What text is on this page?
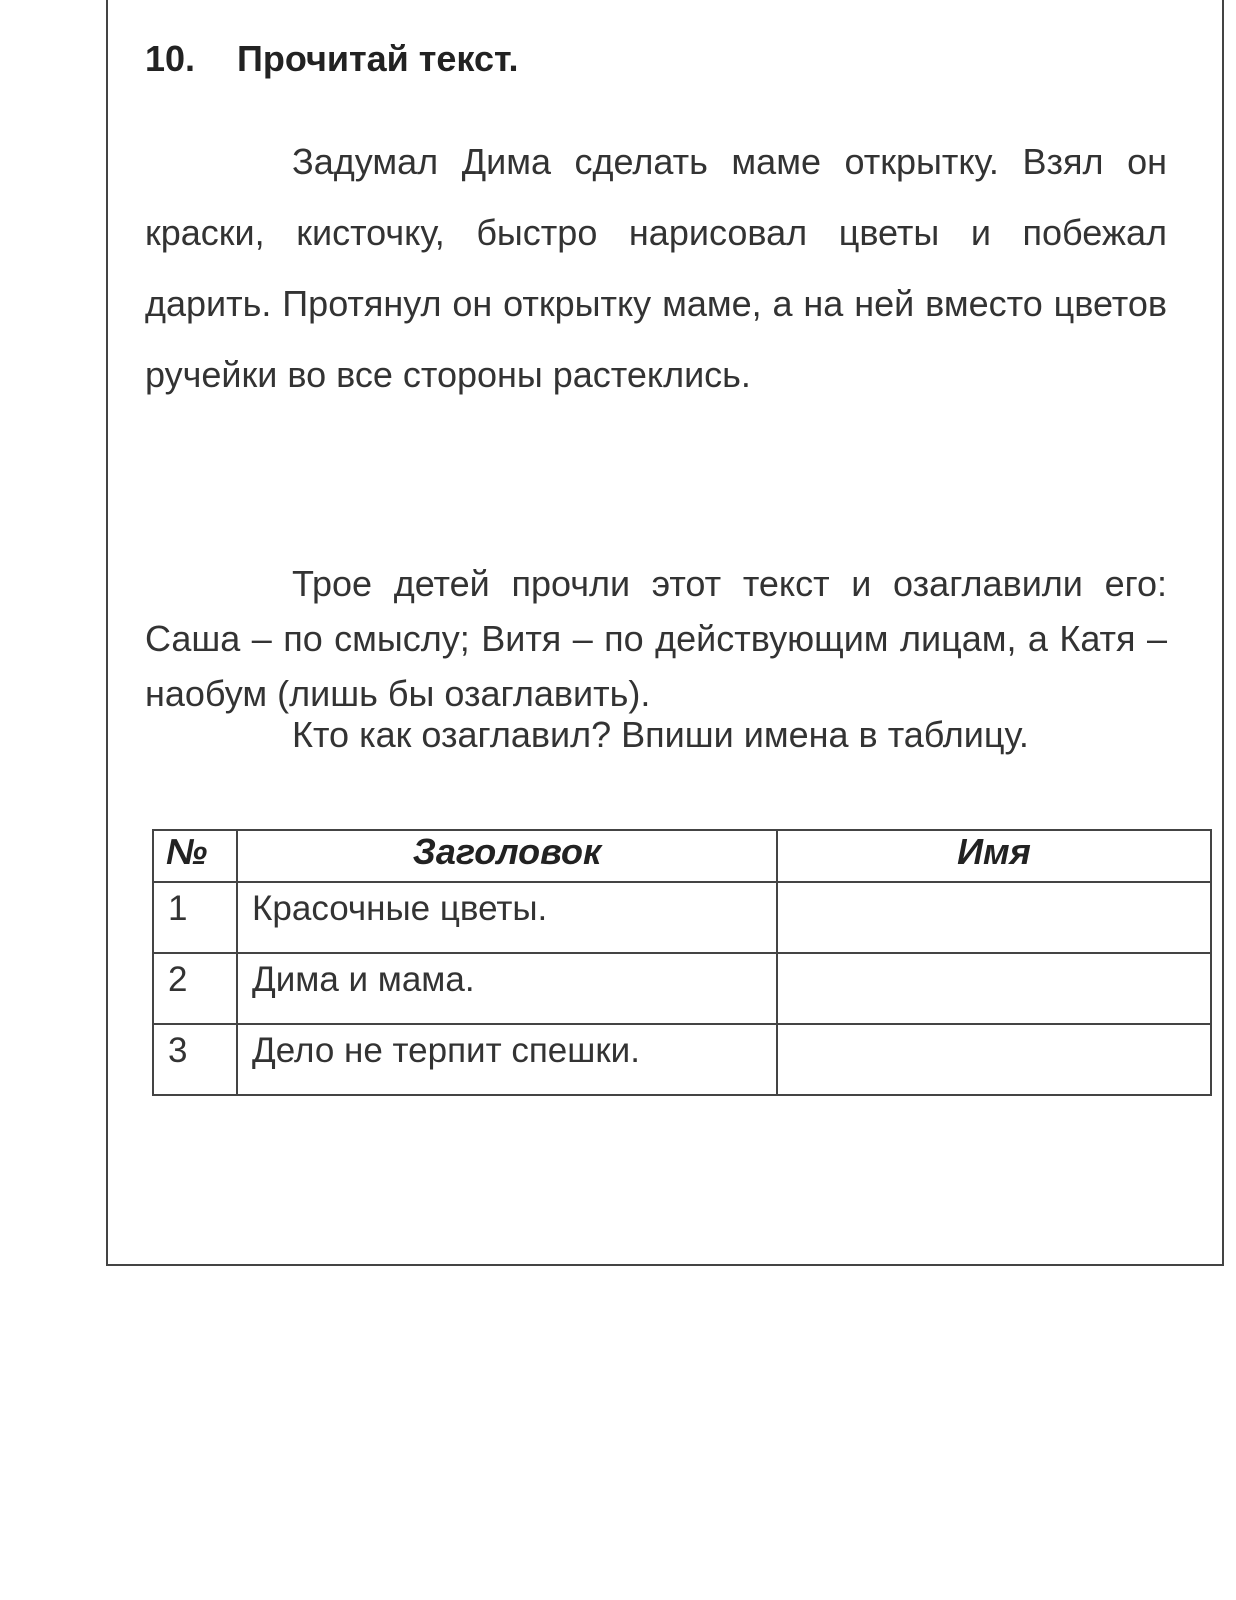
10. Прочитай текст.

Задумал Дима сделать маме открытку. Взял он краски, кисточку, быстро нарисовал цветы и побежал дарить. Протянул он открытку маме, а на ней вместо цветов ручейки во все стороны растеклись.

Трое детей прочли этот текст и озаглавили его: Саша – по смыслу; Витя – по действующим лицам, а Катя – наобум (лишь бы озаглавить).

Кто как озаглавил? Впиши имена в таблицу.
№	Заголовок	Имя
1	Красочные цветы.	
2	Дима и мама.	
3	Дело не терпит спешки.	
